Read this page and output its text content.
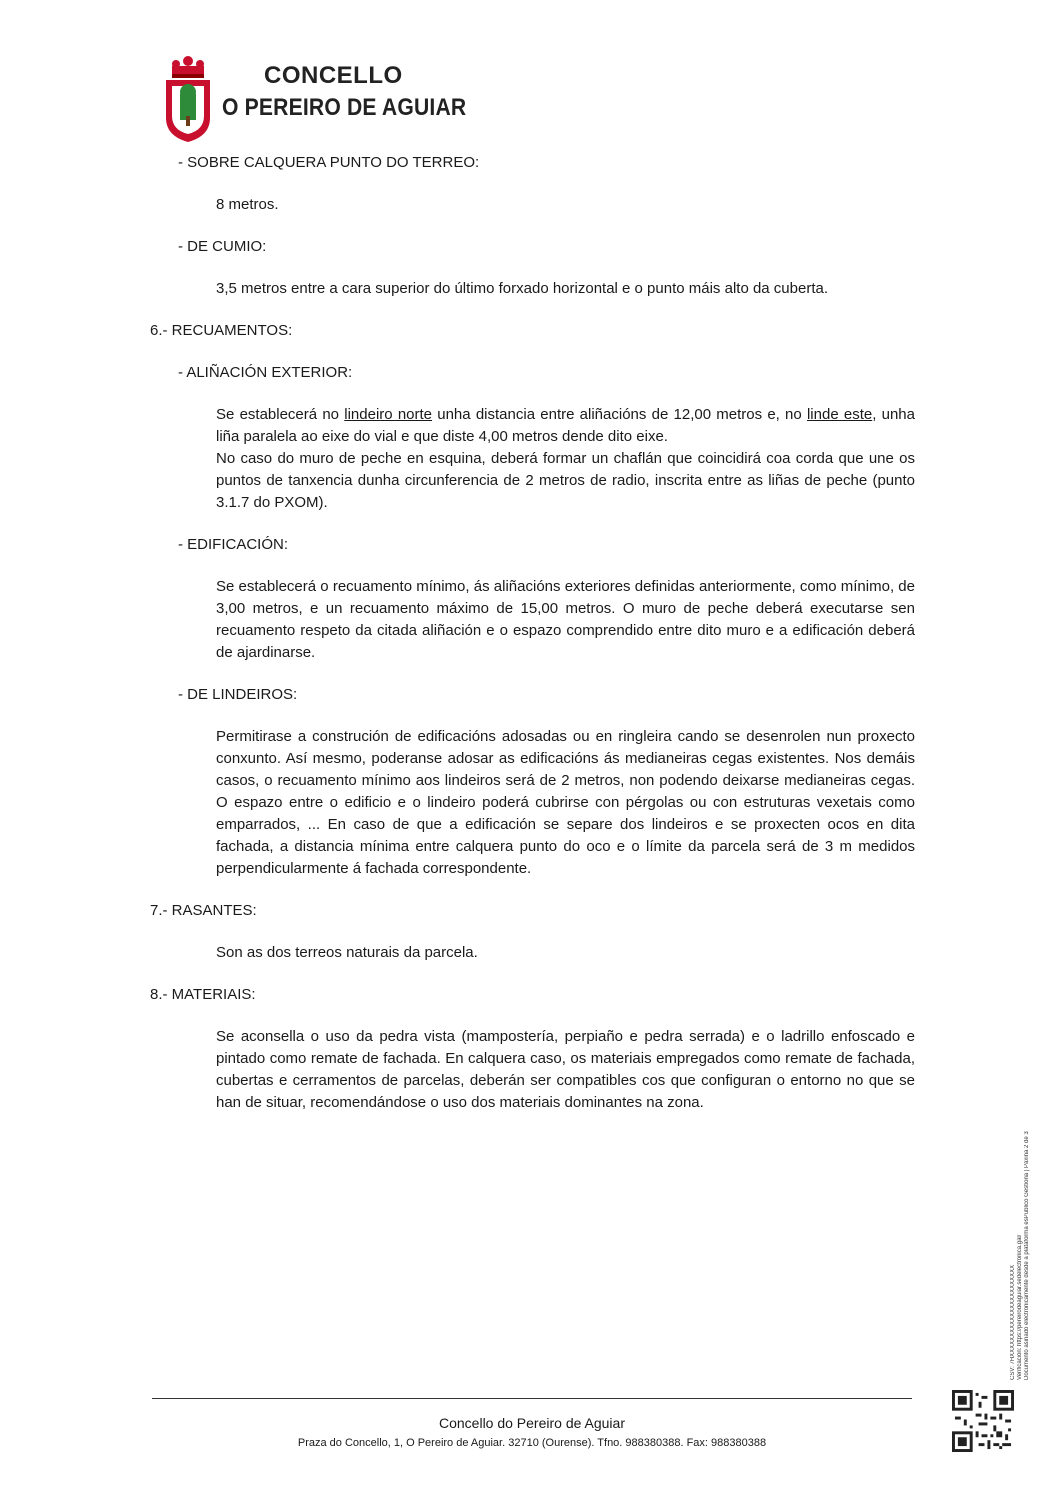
CONCELLO
O PEREIRO DE AGUIAR
- SOBRE CALQUERA PUNTO DO TERREO:
8 metros.
- DE CUMIO:
3,5 metros entre a cara superior do último forxado horizontal e o punto máis alto da cuberta.
6.- RECUAMENTOS:
- ALIÑACIÓN EXTERIOR:

Se establecerá no lindeiro norte unha distancia entre aliñacións de 12,00 metros e, no linde este, unha liña paralela ao eixe do vial e que diste 4,00 metros dende dito eixe.

No caso do muro de peche en esquina, deberá formar un chaflán que coincidirá coa corda que une os puntos de tanxencia dunha circunferencia de 2 metros de radio, inscrita entre as liñas de peche (punto 3.1.7 do PXOM).

- EDIFICACIÓN:
Se establecerá o recuamento mínimo, ás aliñacións exteriores definidas anteriormente, como mínimo, de 3,00 metros, e un recuamento máximo de 15,00 metros. O muro de peche deberá executarse sen recuamento respeto da citada aliñación e o espazo comprendido entre dito muro e a edificación deberá de ajardinarse.
- DE LINDEIROS:
Permitirase a construción de edificacións adosadas ou en ringleira cando se desenrolen nun proxecto conxunto. Así mesmo, poderanse adosar as edificacións ás medianeiras cegas existentes. Nos demáis casos, o recuamento mínimo aos lindeiros será de 2 metros, non podendo deixarse medianeiras cegas. O espazo entre o edificio e o lindeiro poderá cubrirse con pérgolas ou con estruturas vexetais como emparrados, ... En caso de que a edificación se separe dos lindeiros e se proxecten ocos en dita fachada, a distancia mínima entre calquera punto do oco e o límite da parcela será de 3 m medidos perpendicularmente á fachada correspondente.
7.- RASANTES:
Son as dos terreos naturais da parcela.
8.- MATERIAIS:
Se aconsella o uso da pedra vista (mampostería, perpiaño e pedra serrada) e o ladrillo enfoscado e pintado como remate de fachada. En calquera caso, os materiais empregados como remate de fachada, cubertas e cerramentos de parcelas, deberán ser compatibles cos que configuran o entorno no que se han de situar, recomendándose o uso dos materiais dominantes na zona.
Concello do Pereiro de Aguiar
Praza do Concello, 1, O Pereiro de Aguiar. 32710 (Ourense). Tfno. 988380388. Fax: 988380388
CSV: 7HXXXXXXXXXXXXXXXXXXXXXXX Verificación: https://pereirodeaguiar.sedelectronica.gal/ Documento asinado electronicamente desde a plataforma esPublico Gestiona | Páxina 2 de 3
